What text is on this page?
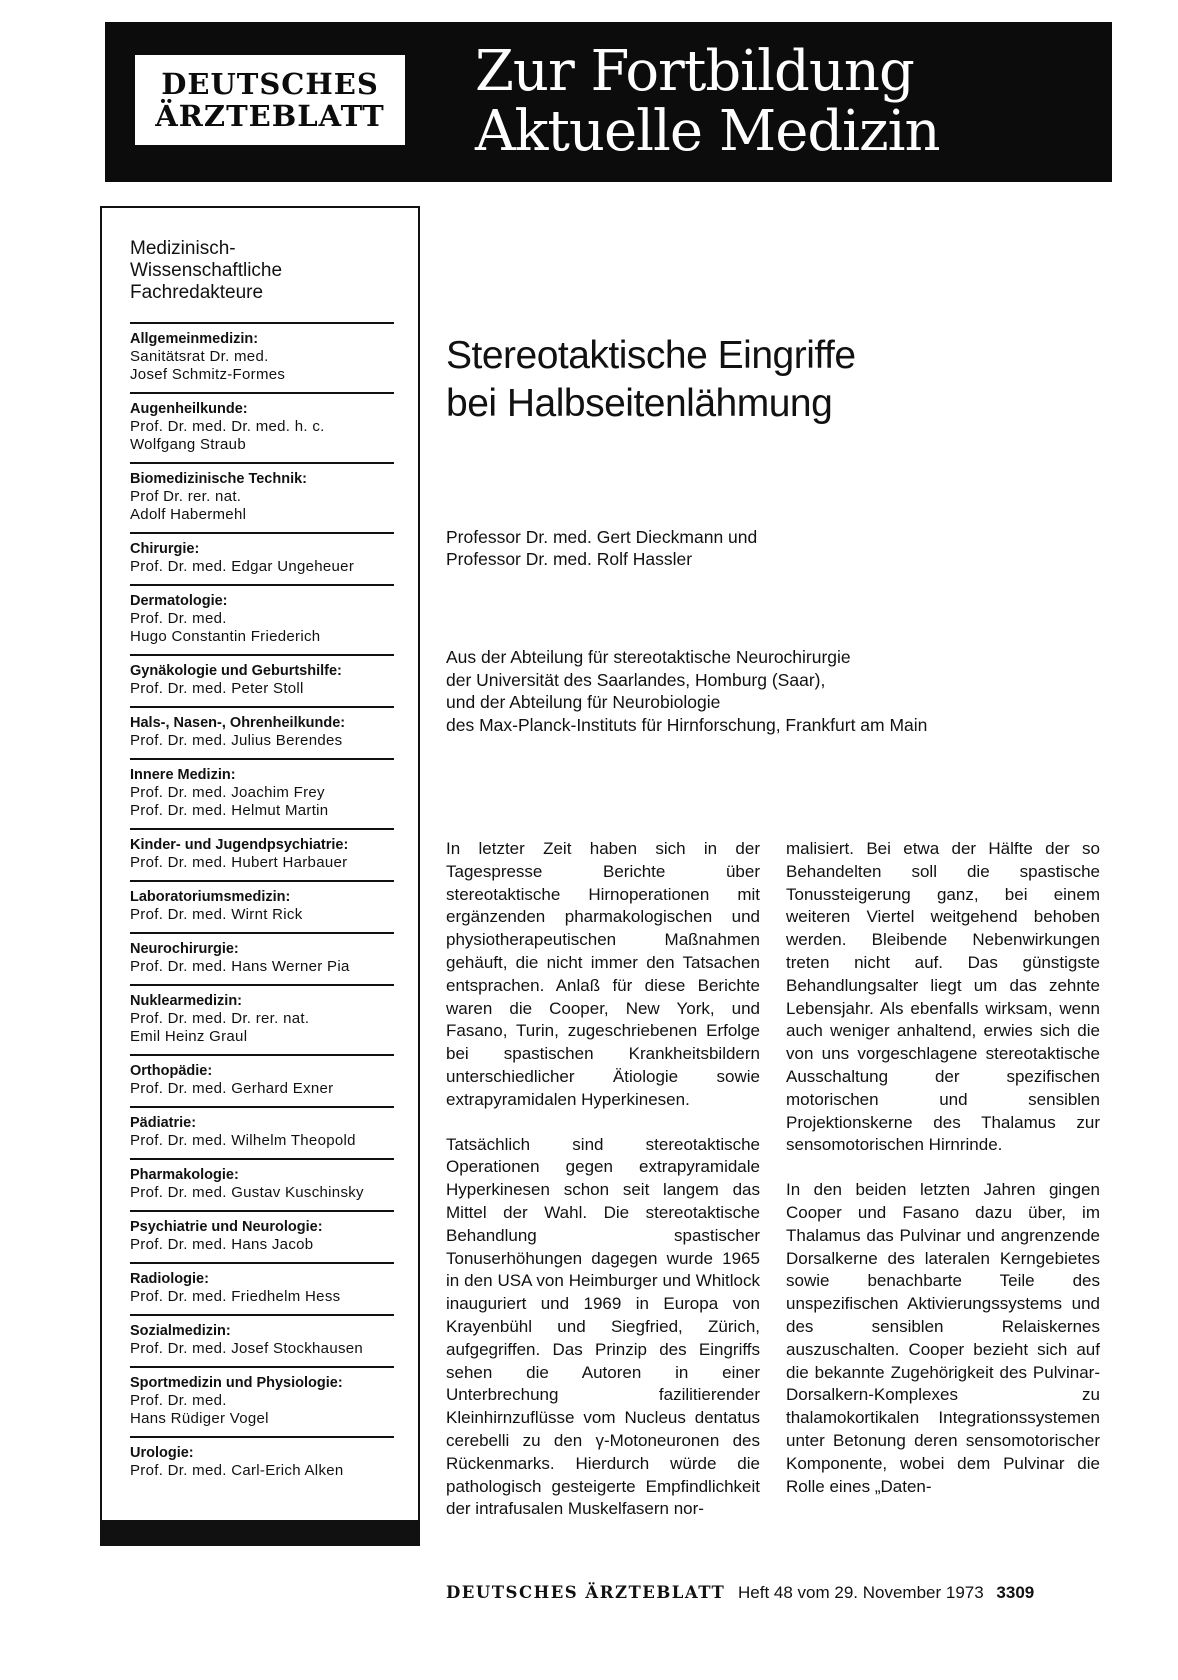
DEUTSCHES
ÄRZTEBLATT
Zur Fortbildung
Aktuelle Medizin
Medizinisch-
Wissenschaftliche
Fachredakteure
Allgemeinmedizin:
Sanitätsrat Dr. med.
Josef Schmitz-Formes
Augenheilkunde:
Prof. Dr. med. Dr. med. h. c.
Wolfgang Straub
Biomedizinische Technik:
Prof Dr. rer. nat.
Adolf Habermehl
Chirurgie:
Prof. Dr. med. Edgar Ungeheuer
Dermatologie:
Prof. Dr. med.
Hugo Constantin Friederich
Gynäkologie und Geburtshilfe:
Prof. Dr. med. Peter Stoll
Hals-, Nasen-, Ohrenheilkunde:
Prof. Dr. med. Julius Berendes
Innere Medizin:
Prof. Dr. med. Joachim Frey
Prof. Dr. med. Helmut Martin
Kinder- und Jugendpsychiatrie:
Prof. Dr. med. Hubert Harbauer
Laboratoriumsmedizin:
Prof. Dr. med. Wirnt Rick
Neurochirurgie:
Prof. Dr. med. Hans Werner Pia
Nuklearmedizin:
Prof. Dr. med. Dr. rer. nat.
Emil Heinz Graul
Orthopädie:
Prof. Dr. med. Gerhard Exner
Pädiatrie:
Prof. Dr. med. Wilhelm Theopold
Pharmakologie:
Prof. Dr. med. Gustav Kuschinsky
Psychiatrie und Neurologie:
Prof. Dr. med. Hans Jacob
Radiologie:
Prof. Dr. med. Friedhelm Hess
Sozialmedizin:
Prof. Dr. med. Josef Stockhausen
Sportmedizin und Physiologie:
Prof. Dr. med.
Hans Rüdiger Vogel
Urologie:
Prof. Dr. med. Carl-Erich Alken
Stereotaktische Eingriffe
bei Halbseitenlähmung
Professor Dr. med. Gert Dieckmann und
Professor Dr. med. Rolf Hassler
Aus der Abteilung für stereotaktische Neurochirurgie
der Universität des Saarlandes, Homburg (Saar),
und der Abteilung für Neurobiologie
des Max-Planck-Instituts für Hirnforschung, Frankfurt am Main

In letzter Zeit haben sich in der Tagespresse Berichte über stereotaktische Hirnoperationen mit ergänzenden pharmakologischen und physiotherapeutischen Maßnahmen gehäuft, die nicht immer den Tatsachen entsprachen. Anlaß für diese Berichte waren die Cooper, New York, und Fasano, Turin, zugeschriebenen Erfolge bei spastischen Krankheitsbildern unterschiedlicher Ätiologie sowie extrapyramidalen Hyperkinesen.

Tatsächlich sind stereotaktische Operationen gegen extrapyramidale Hyperkinesen schon seit langem das Mittel der Wahl. Die stereotaktische Behandlung spastischer Tonuserhöhungen dagegen wurde 1965 in den USA von Heimburger und Whitlock inauguriert und 1969 in Europa von Krayenbühl und Siegfried, Zürich, aufgegriffen. Das Prinzip des Eingriffs sehen die Autoren in einer Unterbrechung fazilitierender Kleinhirnzuflüsse vom Nucleus dentatus cerebelli zu den γ-Motoneuronen des Rückenmarks. Hierdurch würde die pathologisch gesteigerte Empfindlichkeit der intrafusalen Muskelfasern nor-

malisiert. Bei etwa der Hälfte der so Behandelten soll die spastische Tonussteigerung ganz, bei einem weiteren Viertel weitgehend behoben werden. Bleibende Nebenwirkungen treten nicht auf. Das günstigste Behandlungsalter liegt um das zehnte Lebensjahr. Als ebenfalls wirksam, wenn auch weniger anhaltend, erwies sich die von uns vorgeschlagene stereotaktische Ausschaltung der spezifischen motorischen und sensiblen Projektionskerne des Thalamus zur sensomotorischen Hirnrinde.

In den beiden letzten Jahren gingen Cooper und Fasano dazu über, im Thalamus das Pulvinar und angrenzende Dorsalkerne des lateralen Kerngebietes sowie benachbarte Teile des unspezifischen Aktivierungssystems und des sensiblen Relaiskernes auszuschalten. Cooper bezieht sich auf die bekannte Zugehörigkeit des Pulvinar-Dorsalkern-Komplexes zu thalamokortikalen Integrationssystemen unter Betonung deren sensomotorischer Komponente, wobei dem Pulvinar die Rolle eines „Daten-

DEUTSCHES ÄRZTEBLATT Heft 48 vom 29. November 1973 3309
